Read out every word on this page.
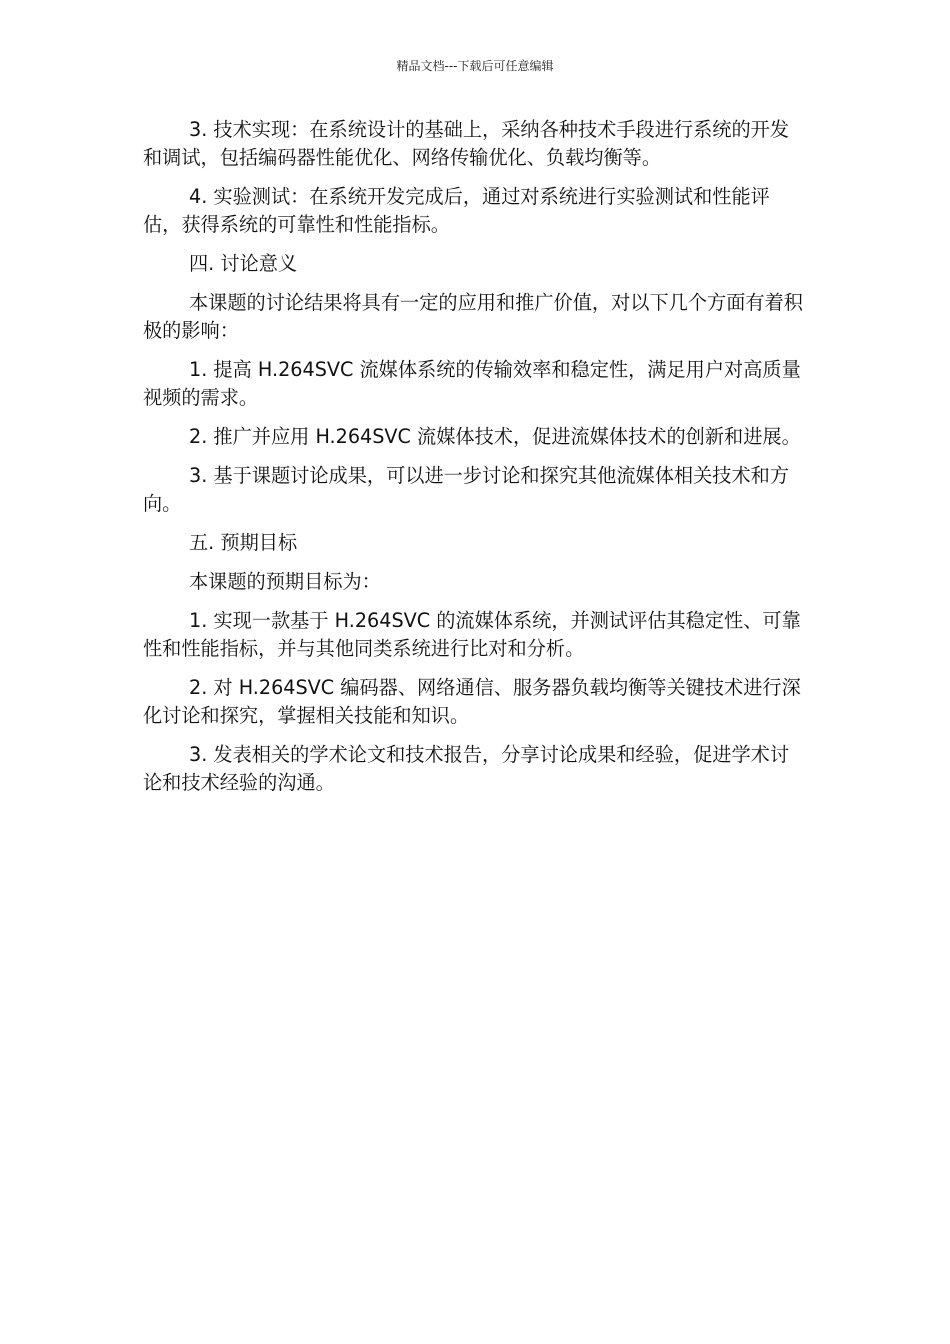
精品文档---下载后可任意编辑

3. 技术实现：在系统设计的基础上，采纳各种技术手段进行系统的开发和调试，包括编码器性能优化、网络传输优化、负载均衡等。

4. 实验测试：在系统开发完成后，通过对系统进行实验测试和性能评估，获得系统的可靠性和性能指标。

四. 讨论意义

本课题的讨论结果将具有一定的应用和推广价值，对以下几个方面有着积极的影响：

1. 提高 H.264SVC 流媒体系统的传输效率和稳定性，满足用户对高质量视频的需求。

2. 推广并应用 H.264SVC 流媒体技术，促进流媒体技术的创新和进展。

3. 基于课题讨论成果，可以进一步讨论和探究其他流媒体相关技术和方向。

五. 预期目标

本课题的预期目标为：

1. 实现一款基于 H.264SVC 的流媒体系统，并测试评估其稳定性、可靠性和性能指标，并与其他同类系统进行比对和分析。

2. 对 H.264SVC 编码器、网络通信、服务器负载均衡等关键技术进行深化讨论和探究，掌握相关技能和知识。

3. 发表相关的学术论文和技术报告，分享讨论成果和经验，促进学术讨论和技术经验的沟通。
